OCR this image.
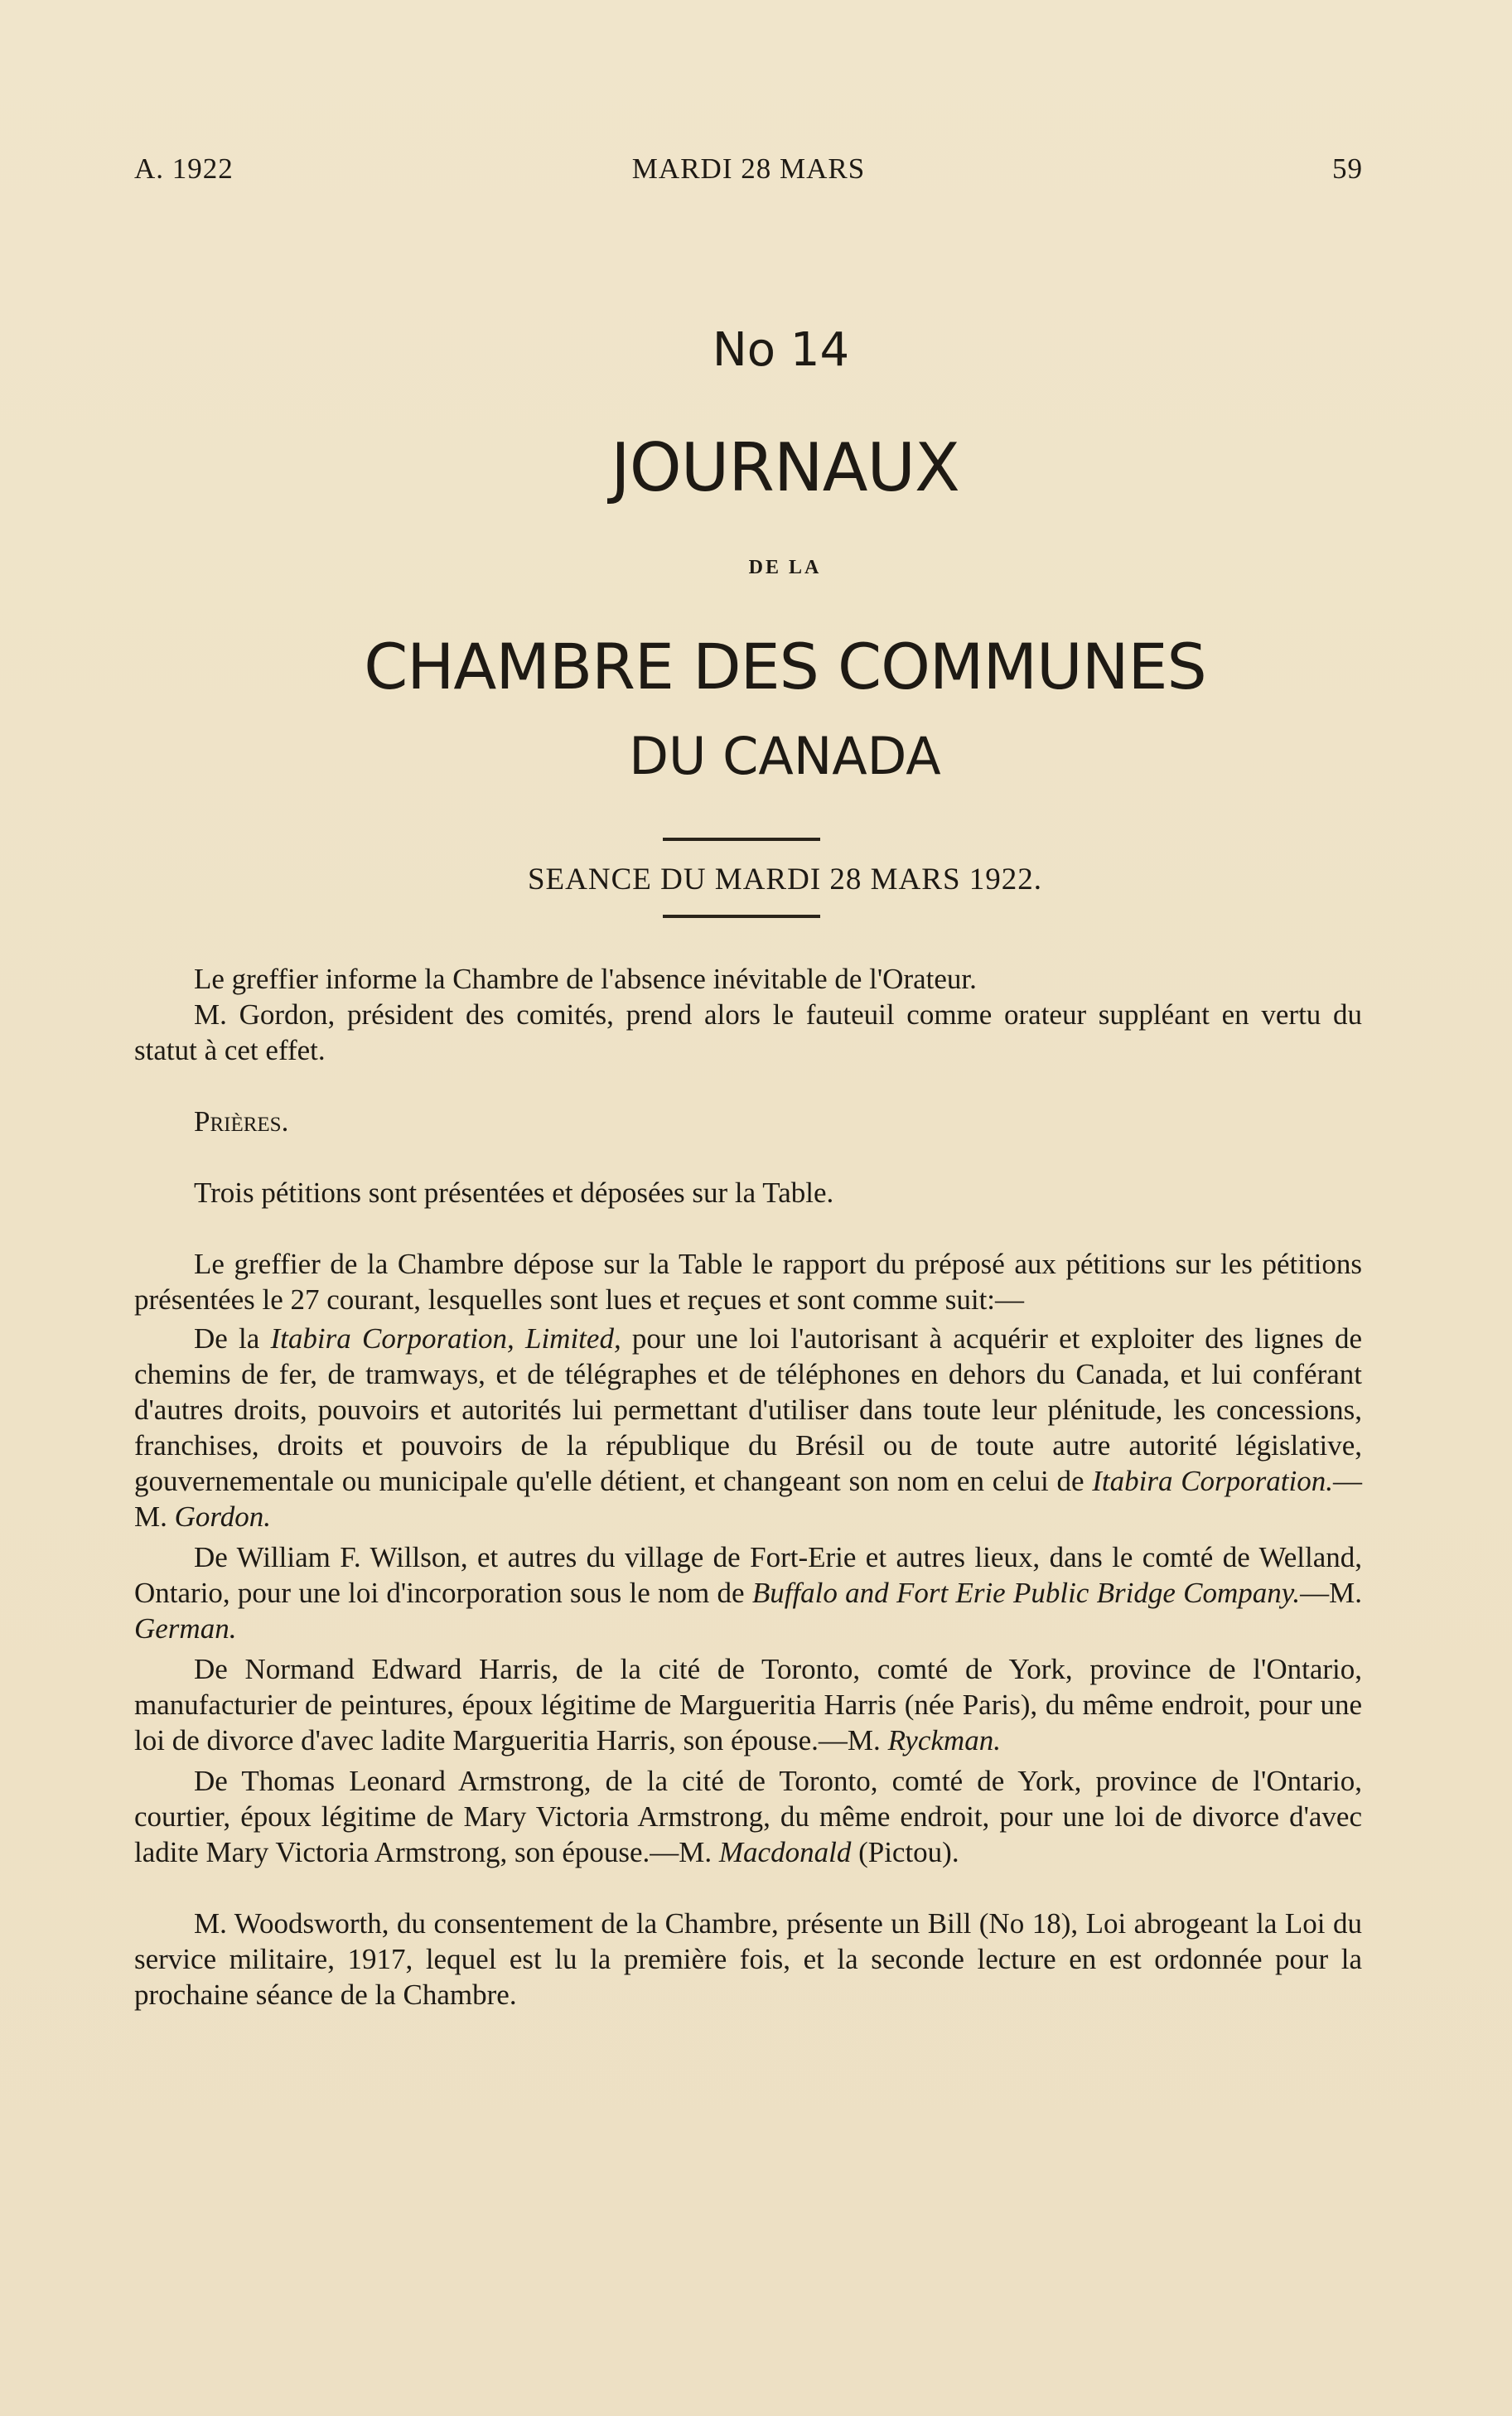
A. 1922	MARDI 28 MARS	59
No 14
JOURNAUX
DE LA
CHAMBRE DES COMMUNES
DU CANADA
SEANCE DU MARDI 28 MARS 1922.

Le greffier informe la Chambre de l'absence inévitable de l'Orateur.

M. Gordon, président des comités, prend alors le fauteuil comme orateur suppléant en vertu du statut à cet effet.

Prières.

Trois pétitions sont présentées et déposées sur la Table.

Le greffier de la Chambre dépose sur la Table le rapport du préposé aux pétitions sur les pétitions présentées le 27 courant, lesquelles sont lues et reçues et sont comme suit:—

De la Itabira Corporation, Limited, pour une loi l'autorisant à acquérir et exploiter des lignes de chemins de fer, de tramways, et de télégraphes et de téléphones en dehors du Canada, et lui conférant d'autres droits, pouvoirs et autorités lui permettant d'utiliser dans toute leur plénitude, les concessions, franchises, droits et pouvoirs de la république du Brésil ou de toute autre autorité législative, gouvernementale ou municipale qu'elle détient, et changeant son nom en celui de Itabira Corporation.—M. Gordon.

De William F. Willson, et autres du village de Fort-Erie et autres lieux, dans le comté de Welland, Ontario, pour une loi d'incorporation sous le nom de Buffalo and Fort Erie Public Bridge Company.—M. German.

De Normand Edward Harris, de la cité de Toronto, comté de York, province de l'Ontario, manufacturier de peintures, époux légitime de Margueritia Harris (née Paris), du même endroit, pour une loi de divorce d'avec ladite Margueritia Harris, son épouse.—M. Ryckman.

De Thomas Leonard Armstrong, de la cité de Toronto, comté de York, province de l'Ontario, courtier, époux légitime de Mary Victoria Armstrong, du même endroit, pour une loi de divorce d'avec ladite Mary Victoria Armstrong, son épouse.—M. Macdonald (Pictou).

M. Woodsworth, du consentement de la Chambre, présente un Bill (No 18), Loi abrogeant la Loi du service militaire, 1917, lequel est lu la première fois, et la seconde lecture en est ordonnée pour la prochaine séance de la Chambre.
